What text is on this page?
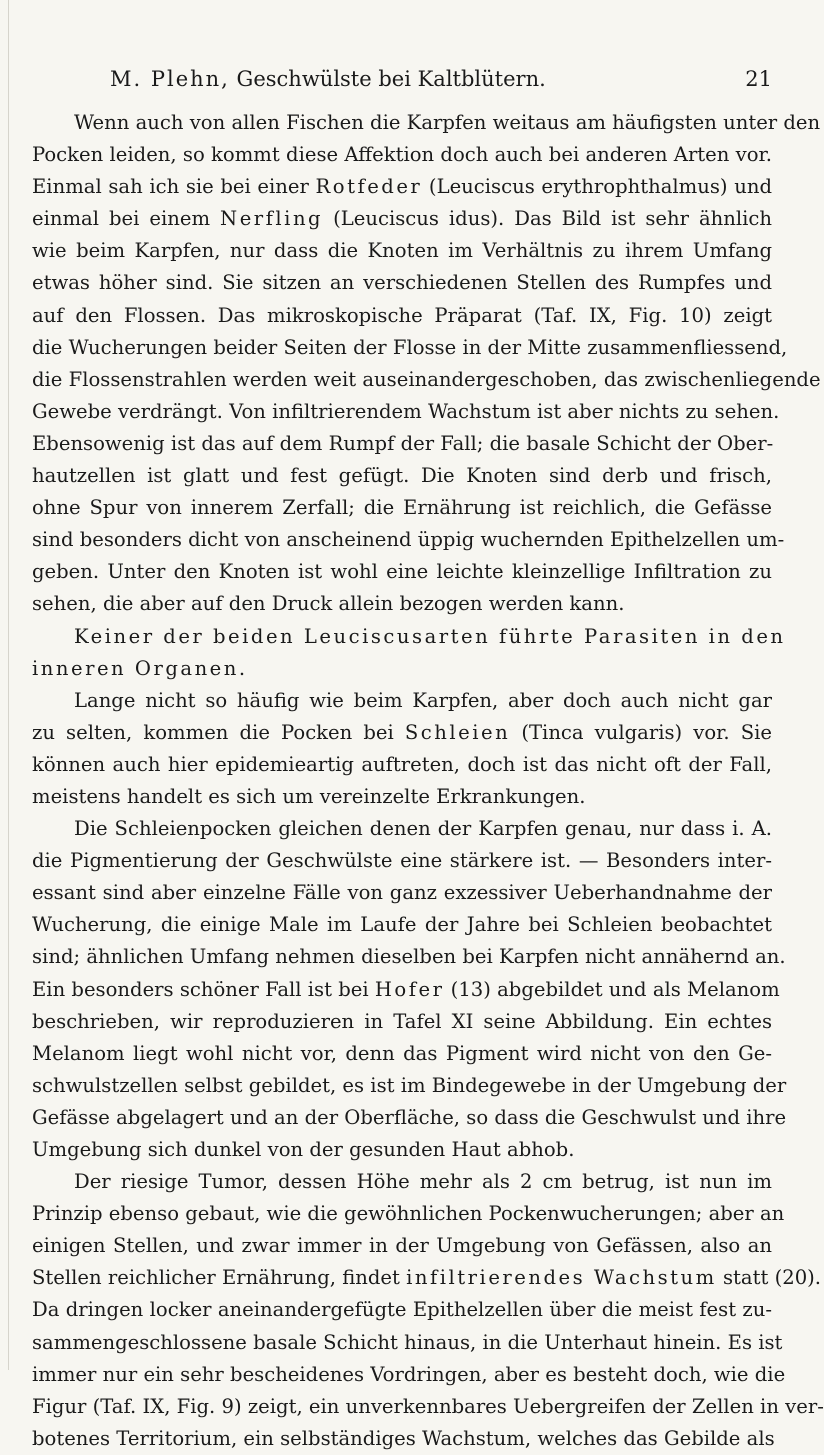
M. Plehn, Geschwülste bei Kaltblütern.	21
Wenn auch von allen Fischen die Karpfen weitaus am häufigsten unter den
Pocken leiden, so kommt diese Affektion doch auch bei anderen Arten vor.
Einmal sah ich sie bei einer Rotfeder (Leuciscus erythrophthalmus) und
einmal bei einem Nerfling (Leuciscus idus). Das Bild ist sehr ähnlich
wie beim Karpfen, nur dass die Knoten im Verhältnis zu ihrem Umfang
etwas höher sind. Sie sitzen an verschiedenen Stellen des Rumpfes und
auf den Flossen. Das mikroskopische Präparat (Taf. IX, Fig. 10) zeigt
die Wucherungen beider Seiten der Flosse in der Mitte zusammenfliessend,
die Flossenstrahlen werden weit auseinandergeschoben, das zwischenliegende
Gewebe verdrängt. Von infiltrierendem Wachstum ist aber nichts zu sehen.
Ebensowenig ist das auf dem Rumpf der Fall; die basale Schicht der Ober-
hautzellen ist glatt und fest gefügt. Die Knoten sind derb und frisch,
ohne Spur von innerem Zerfall; die Ernährung ist reichlich, die Gefässe
sind besonders dicht von anscheinend üppig wuchernden Epithelzellen um-
geben. Unter den Knoten ist wohl eine leichte kleinzellige Infiltration zu
sehen, die aber auf den Druck allein bezogen werden kann.
Keiner der beiden Leuciscusarten führte Parasiten in den
inneren Organen.
Lange nicht so häufig wie beim Karpfen, aber doch auch nicht gar
zu selten, kommen die Pocken bei Schleien (Tinca vulgaris) vor. Sie
können auch hier epidemieartig auftreten, doch ist das nicht oft der Fall,
meistens handelt es sich um vereinzelte Erkrankungen.
Die Schleienpocken gleichen denen der Karpfen genau, nur dass i. A.
die Pigmentierung der Geschwülste eine stärkere ist. — Besonders inter-
essant sind aber einzelne Fälle von ganz exzessiver Ueberhandnahme der
Wucherung, die einige Male im Laufe der Jahre bei Schleien beobachtet
sind; ähnlichen Umfang nehmen dieselben bei Karpfen nicht annähernd an.
Ein besonders schöner Fall ist bei Hofer (13) abgebildet und als Melanom
beschrieben, wir reproduzieren in Tafel XI seine Abbildung. Ein echtes
Melanom liegt wohl nicht vor, denn das Pigment wird nicht von den Ge-
schwulstzellen selbst gebildet, es ist im Bindegewebe in der Umgebung der
Gefässe abgelagert und an der Oberfläche, so dass die Geschwulst und ihre
Umgebung sich dunkel von der gesunden Haut abhob.
Der riesige Tumor, dessen Höhe mehr als 2 cm betrug, ist nun im
Prinzip ebenso gebaut, wie die gewöhnlichen Pockenwucherungen; aber an
einigen Stellen, und zwar immer in der Umgebung von Gefässen, also an
Stellen reichlicher Ernährung, findet infiltrierendes Wachstum statt (20).
Da dringen locker aneinandergefügte Epithelzellen über die meist fest zu-
sammengeschlossene basale Schicht hinaus, in die Unterhaut hinein. Es ist
immer nur ein sehr bescheidenes Vordringen, aber es besteht doch, wie die
Figur (Taf. IX, Fig. 9) zeigt, ein unverkennbares Uebergreifen der Zellen in ver-
botenes Territorium, ein selbständiges Wachstum, welches das Gebilde als
